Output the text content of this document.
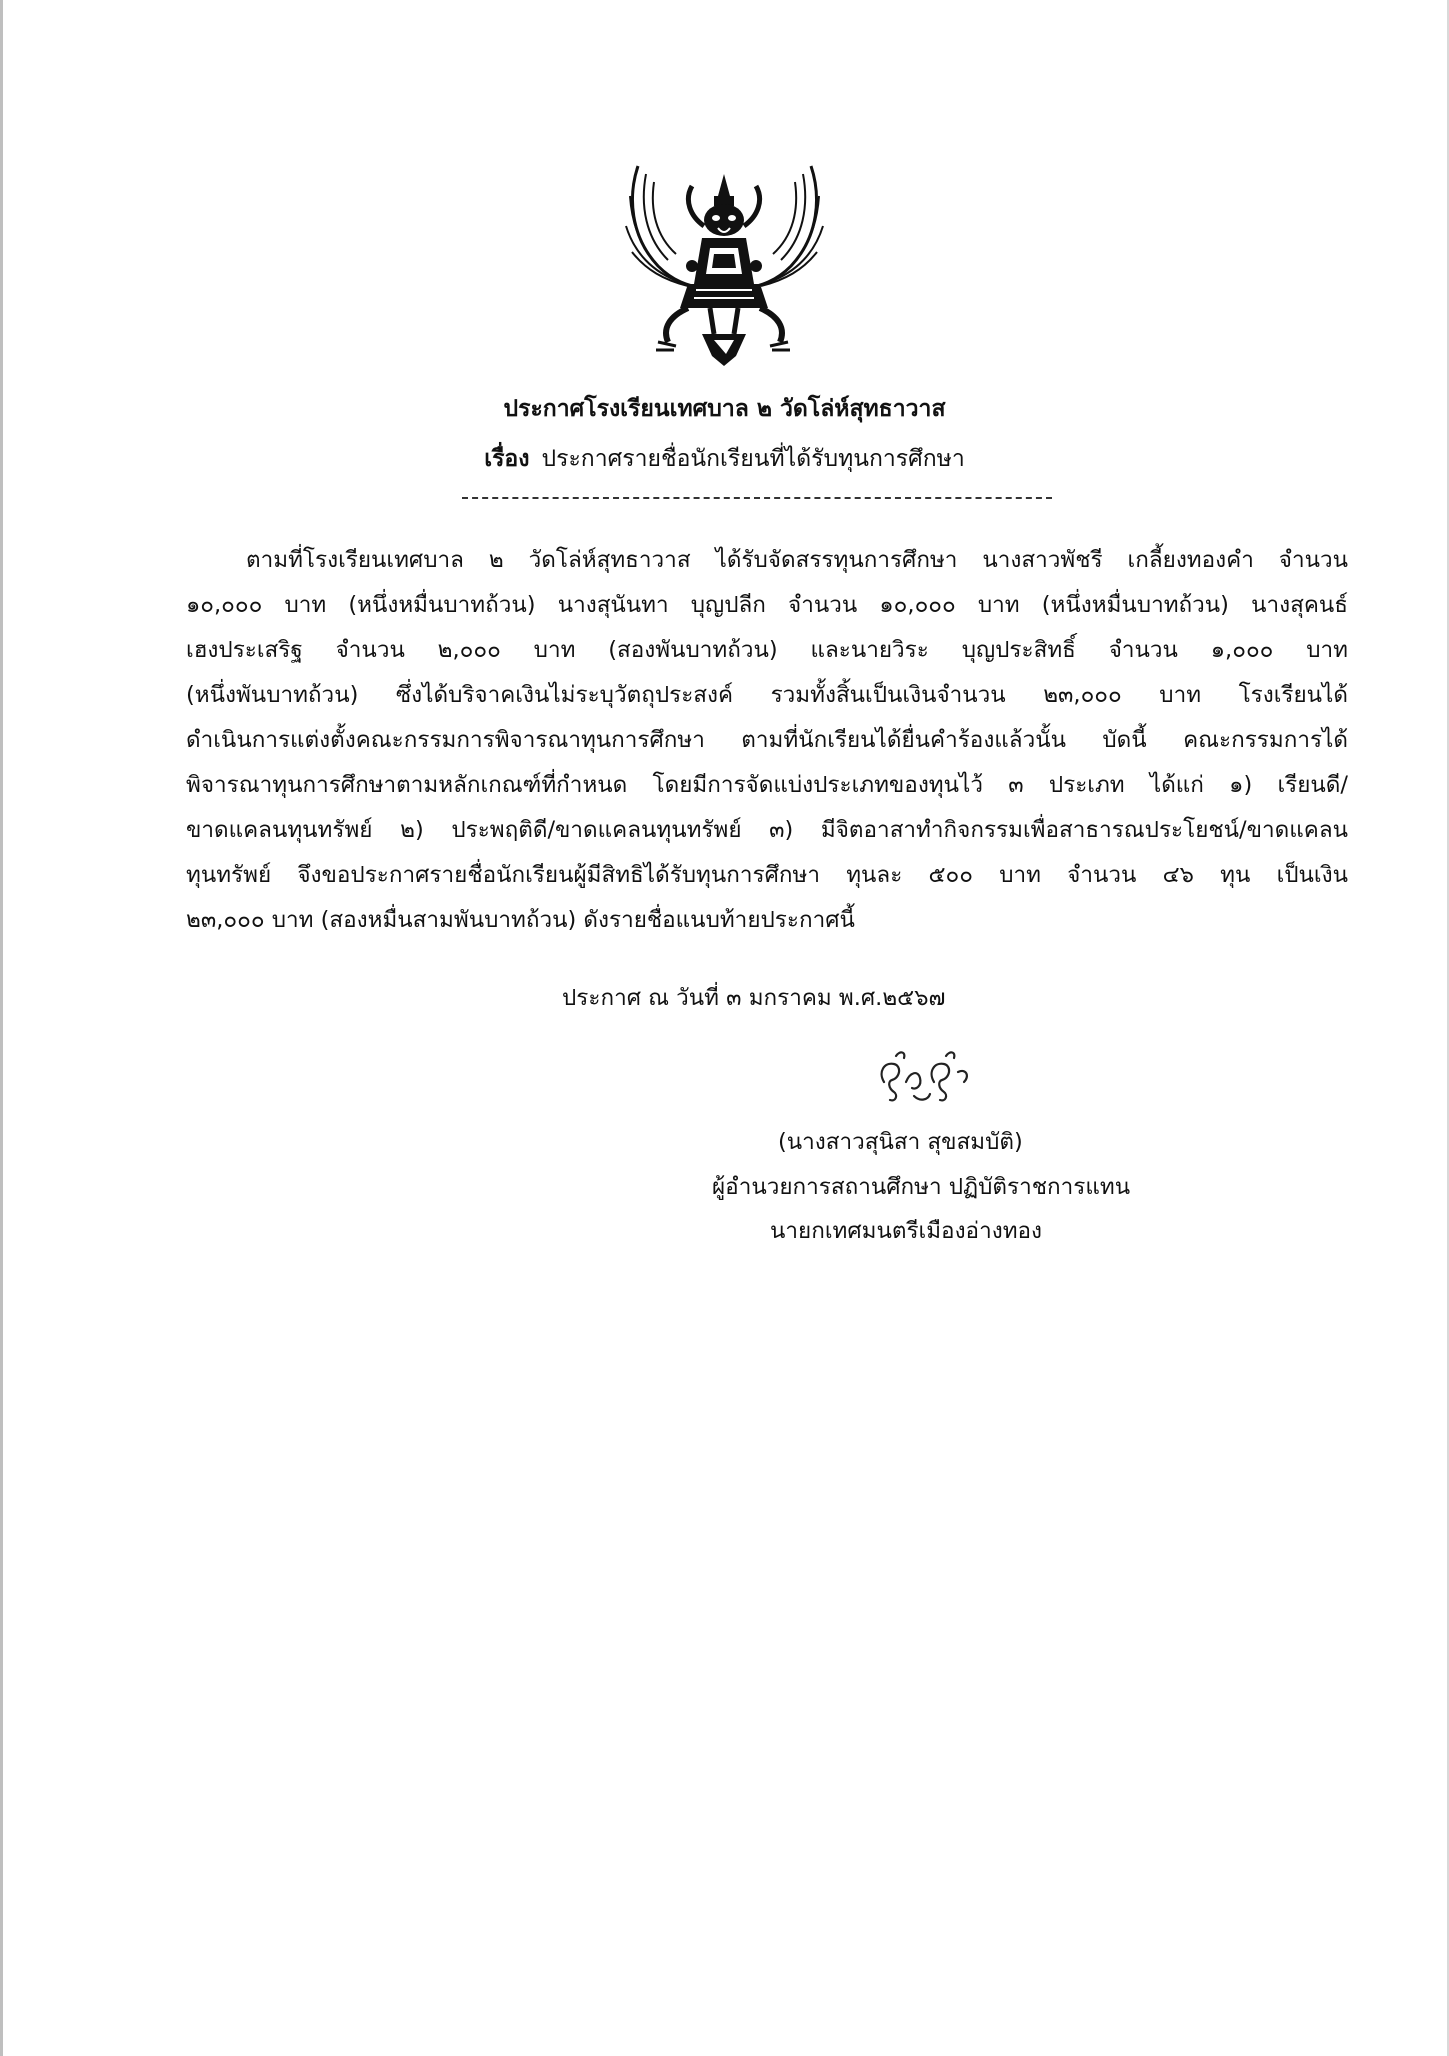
ประกาศโรงเรียนเทศบาล ๒ วัดโล่ห์สุทธาวาส
เรื่อง ประกาศรายชื่อนักเรียนที่ได้รับทุนการศึกษา
ตามที่โรงเรียนเทศบาล ๒ วัดโล่ห์สุทธาวาส ได้รับจัดสรรทุนการศึกษา นางสาวพัชรี เกลี้ยงทองคำ จำนวน
๑๐,๐๐๐ บาท (หนึ่งหมื่นบาทถ้วน) นางสุนันทา บุญปลีก จำนวน ๑๐,๐๐๐ บาท (หนึ่งหมื่นบาทถ้วน) นางสุคนธ์
เฮงประเสริฐ จำนวน ๒,๐๐๐ บาท (สองพันบาทถ้วน) และนายวิระ บุญประสิทธิ์ จำนวน ๑,๐๐๐ บาท
(หนึ่งพันบาทถ้วน) ซึ่งได้บริจาคเงินไม่ระบุวัตถุประสงค์ รวมทั้งสิ้นเป็นเงินจำนวน ๒๓,๐๐๐ บาท โรงเรียนได้
ดำเนินการแต่งตั้งคณะกรรมการพิจารณาทุนการศึกษา ตามที่นักเรียนได้ยื่นคำร้องแล้วนั้น บัดนี้ คณะกรรมการได้
พิจารณาทุนการศึกษาตามหลักเกณฑ์ที่กำหนด โดยมีการจัดแบ่งประเภทของทุนไว้ ๓ ประเภท ได้แก่ ๑) เรียนดี/
ขาดแคลนทุนทรัพย์ ๒) ประพฤติดี/ขาดแคลนทุนทรัพย์ ๓) มีจิตอาสาทำกิจกรรมเพื่อสาธารณประโยชน์/ขาดแคลน
ทุนทรัพย์ จึงขอประกาศรายชื่อนักเรียนผู้มีสิทธิได้รับทุนการศึกษา ทุนละ ๕๐๐ บาท จำนวน ๔๖ ทุน เป็นเงิน
๒๓,๐๐๐ บาท (สองหมื่นสามพันบาทถ้วน) ดังรายชื่อแนบท้ายประกาศนี้
ประกาศ ณ วันที่ ๓ มกราคม พ.ศ.๒๕๖๗
(นางสาวสุนิสา สุขสมบัติ)
ผู้อำนวยการสถานศึกษา ปฏิบัติราชการแทน
นายกเทศมนตรีเมืองอ่างทอง
